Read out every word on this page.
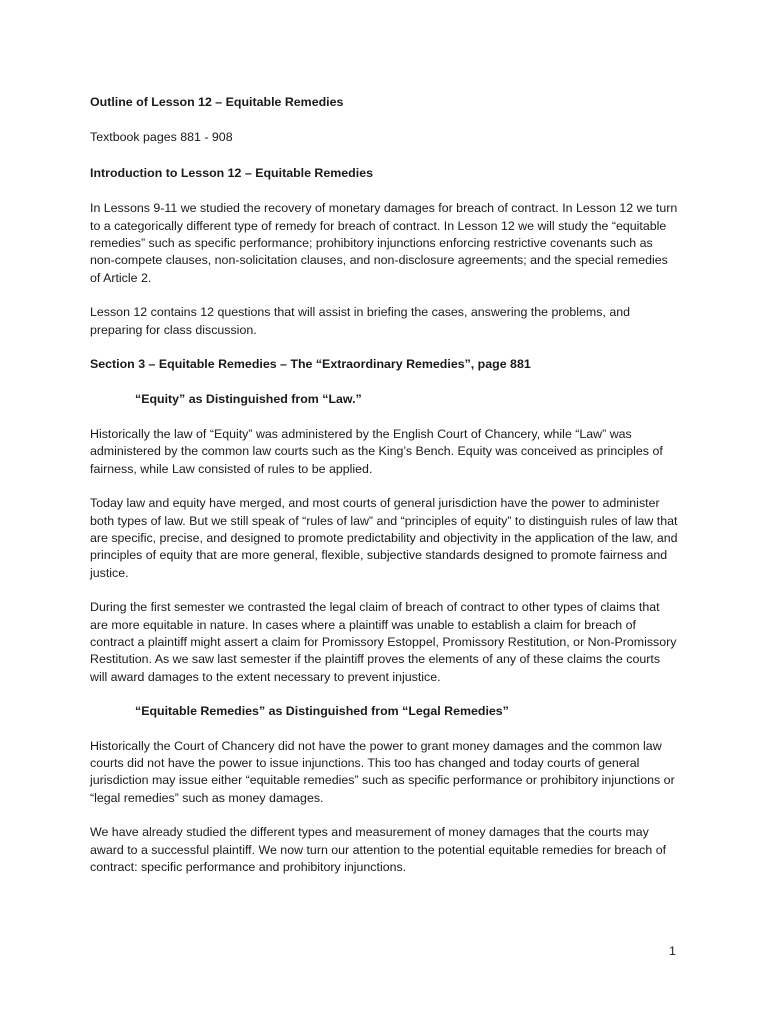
Outline of Lesson 12 – Equitable Remedies
Textbook pages 881 - 908
Introduction to Lesson 12 – Equitable Remedies
In Lessons 9-11 we studied the recovery of monetary damages for breach of contract. In Lesson 12 we turn to a categorically different type of remedy for breach of contract. In Lesson 12 we will study the “equitable remedies” such as specific performance; prohibitory injunctions enforcing restrictive covenants such as non-compete clauses, non-solicitation clauses, and non-disclosure agreements; and the special remedies of Article 2.
Lesson 12 contains 12 questions that will assist in briefing the cases, answering the problems, and preparing for class discussion.
Section 3 – Equitable Remedies – The “Extraordinary Remedies”, page 881
“Equity” as Distinguished from “Law.”
Historically the law of “Equity” was administered by the English Court of Chancery, while “Law” was administered by the common law courts such as the King’s Bench. Equity was conceived as principles of fairness, while Law consisted of rules to be applied.
Today law and equity have merged, and most courts of general jurisdiction have the power to administer both types of law. But we still speak of “rules of law” and “principles of equity” to distinguish rules of law that are specific, precise, and designed to promote predictability and objectivity in the application of the law, and principles of equity that are more general, flexible, subjective standards designed to promote fairness and justice.
During the first semester we contrasted the legal claim of breach of contract to other types of claims that are more equitable in nature. In cases where a plaintiff was unable to establish a claim for breach of contract a plaintiff might assert a claim for Promissory Estoppel, Promissory Restitution, or Non-Promissory Restitution. As we saw last semester if the plaintiff proves the elements of any of these claims the courts will award damages to the extent necessary to prevent injustice.
“Equitable Remedies” as Distinguished from “Legal Remedies”
Historically the Court of Chancery did not have the power to grant money damages and the common law courts did not have the power to issue injunctions. This too has changed and today courts of general jurisdiction may issue either “equitable remedies” such as specific performance or prohibitory injunctions or “legal remedies” such as money damages.
We have already studied the different types and measurement of money damages that the courts may award to a successful plaintiff. We now turn our attention to the potential equitable remedies for breach of contract: specific performance and prohibitory injunctions.
1
